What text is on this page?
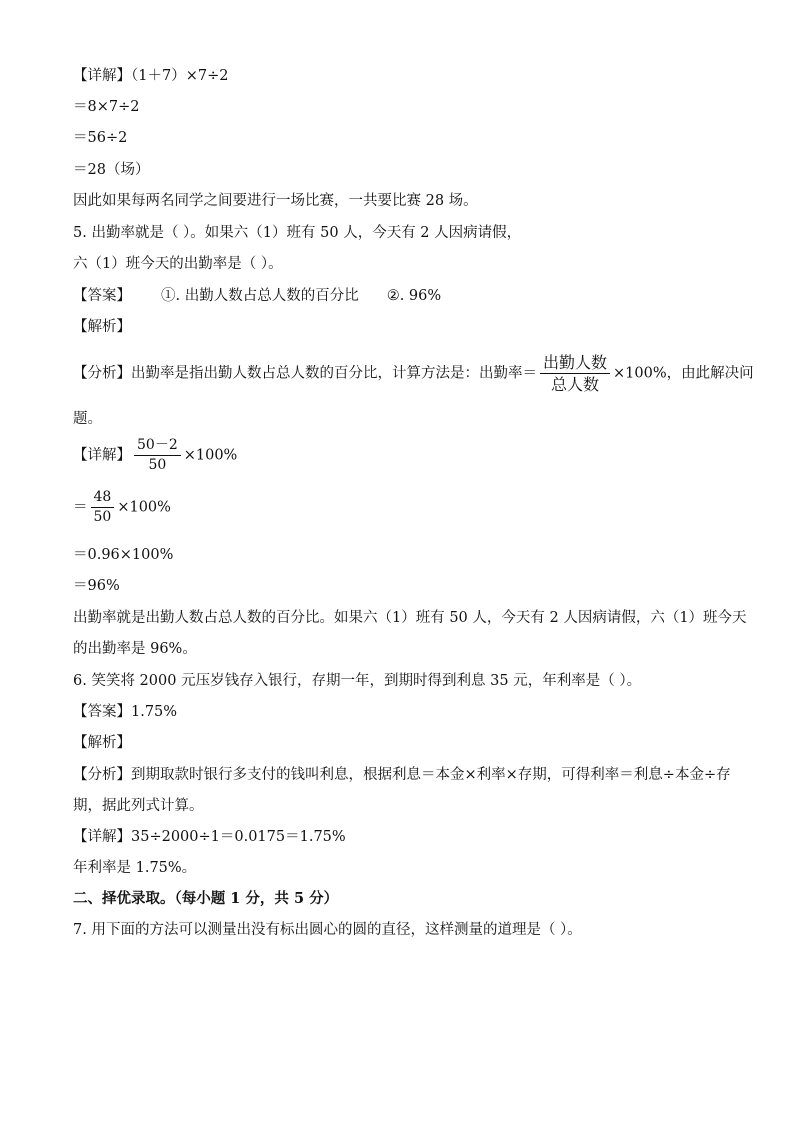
【详解】（1＋7）×7÷2
＝8×7÷2
＝56÷2
＝28（场）
因此如果每两名同学之间要进行一场比赛，一共要比赛 28 场。
5. 出勤率就是（ ）。如果六（1）班有 50 人，今天有 2 人因病请假，
六（1）班今天的出勤率是（ ）。
【答案】 ①. 出勤人数占总人数的百分比 ②. 96%
【解析】
【分析】出勤率是指出勤人数占总人数的百分比，计算方法是：出勤率＝ $\frac{\text{出勤人数}}{\text{总人数}} \times 100\%$，由此解决问
题。
【详解】 $\frac{50-2}{50} \times 100\%$
＝ $\frac{48}{50} \times 100\%$
＝0.96×100%
＝96%
出勤率就是出勤人数占总人数的百分比。如果六（1）班有 50 人，今天有 2 人因病请假，六（1）班今天
的出勤率是 96%。
6. 笑笑将 2000 元压岁钱存入银行，存期一年，到期时得到利息 35 元，年利率是（ ）。
【答案】1.75%
【解析】
【分析】到期取款时银行多支付的钱叫利息，根据利息＝本金×利率×存期，可得利率＝利息÷本金÷存
期，据此列式计算。
【详解】35÷2000÷1＝0.0175＝1.75%
年利率是 1.75%。
二、择优录取。（每小题 1 分，共 5 分）
7. 用下面的方法可以测量出没有标出圆心的圆的直径，这样测量的道理是（ ）。
